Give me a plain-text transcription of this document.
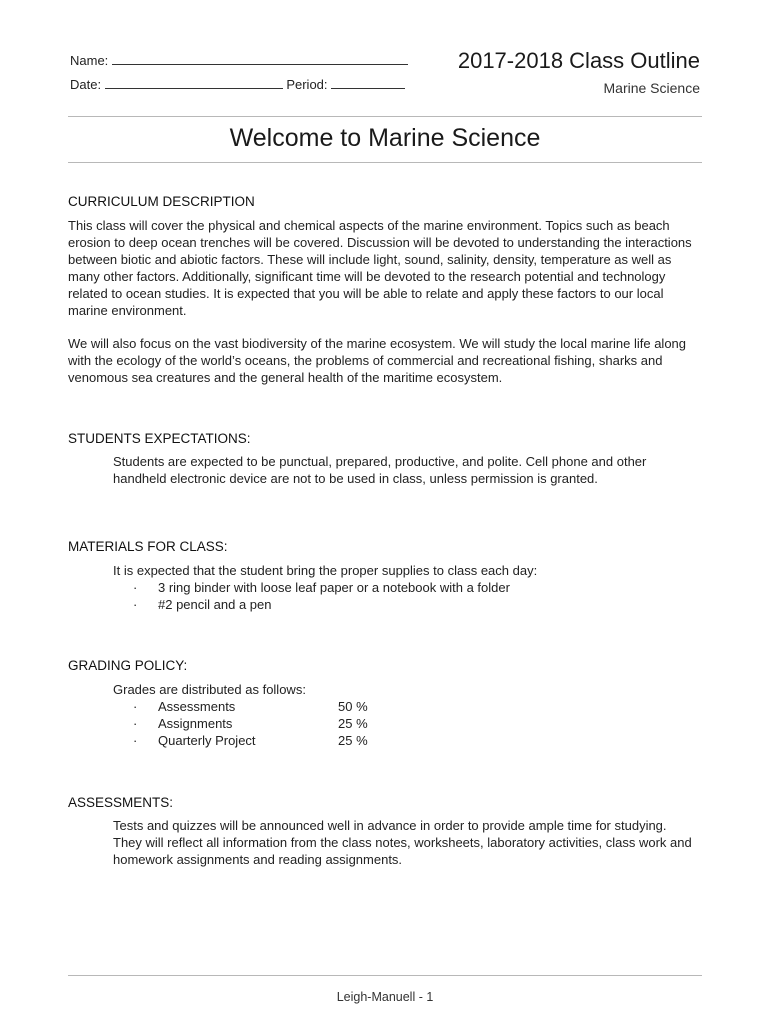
Name:
Date:	Period:
2017-2018 Class Outline
Marine Science
Welcome to Marine Science
CURRICULUM DESCRIPTION

This class will cover the physical and chemical aspects of the marine environment. Topics such as beach erosion to deep ocean trenches will be covered. Discussion will be devoted to understanding the interactions between biotic and abiotic factors. These will include light, sound, salinity, density, temperature as well as many other factors. Additionally, significant time will be devoted to the research potential and technology related to ocean studies. It is expected that you will be able to relate and apply these factors to our local marine environment.

We will also focus on the vast biodiversity of the marine ecosystem. We will study the local marine life along with the ecology of the world’s oceans, the problems of commercial and recreational fishing, sharks and venomous sea creatures and the general health of the maritime ecosystem.

STUDENTS EXPECTATIONS:
Students are expected to be punctual, prepared, productive, and polite. Cell phone and other handheld electronic device are not to be used in class, unless permission is granted.
MATERIALS FOR CLASS:
It is expected that the student bring the proper supplies to class each day:
· 3 ring binder with loose leaf paper or a notebook with a folder
· #2 pencil and a pen
GRADING POLICY:
Grades are distributed as follows:
· Assessments	50 %
· Assignments	25 %
· Quarterly Project	25 %
ASSESSMENTS:
Tests and quizzes will be announced well in advance in order to provide ample time for studying. They will reflect all information from the class notes, worksheets, laboratory activities, class work and homework assignments and reading assignments.
Leigh-Manuell - 1
